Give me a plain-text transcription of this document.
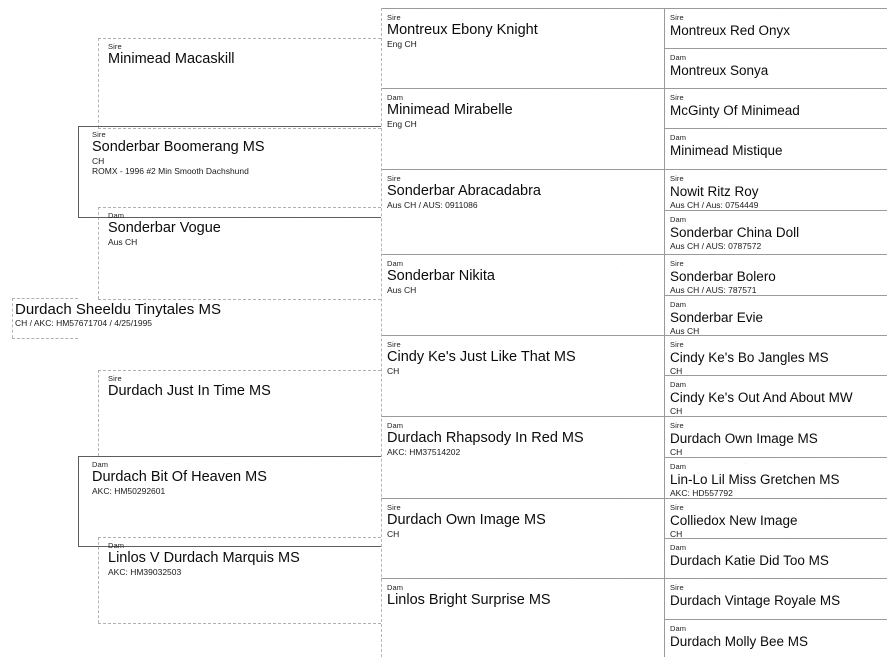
Durdach Sheeldu Tinytales MS
CH / AKC: HM57671704 / 4/25/1995
Sire
Sonderbar Boomerang MS
CH
ROMX - 1996 #2 Min Smooth Dachshund
Dam
Durdach Bit Of Heaven MS
AKC: HM50292601
Sire
Minimead Macaskill
Dam
Sonderbar Vogue
Aus CH
Sire
Durdach Just In Time MS
Dam
Linlos V Durdach Marquis MS
AKC: HM39032503
Sire
Montreux Ebony Knight
Eng CH
Dam
Minimead Mirabelle
Eng CH
Sire
Sonderbar Abracadabra
Aus CH / AUS: 0911086
Dam
Sonderbar Nikita
Aus CH
Sire
Cindy Ke's Just Like That MS
CH
Dam
Durdach Rhapsody In Red MS
AKC: HM37514202
Sire
Durdach Own Image MS
CH
Dam
Linlos Bright Surprise MS
Sire
Montreux Red Onyx
Dam
Montreux Sonya
Sire
McGinty Of Minimead
Dam
Minimead Mistique
Sire
Nowit Ritz Roy
Aus CH / Aus: 0754449
Dam
Sonderbar China Doll
Aus CH / AUS: 0787572
Sire
Sonderbar Bolero
Aus CH / AUS: 787571
Dam
Sonderbar Evie
Aus CH
Sire
Cindy Ke's Bo Jangles MS
CH
Dam
Cindy Ke's Out And About MW
CH
Sire
Durdach Own Image MS
CH
Dam
Lin-Lo Lil Miss Gretchen MS
AKC: HD557792
Sire
Colliedox New Image
CH
Dam
Durdach Katie Did Too MS
Sire
Durdach Vintage Royale MS
Dam
Durdach Molly Bee MS
